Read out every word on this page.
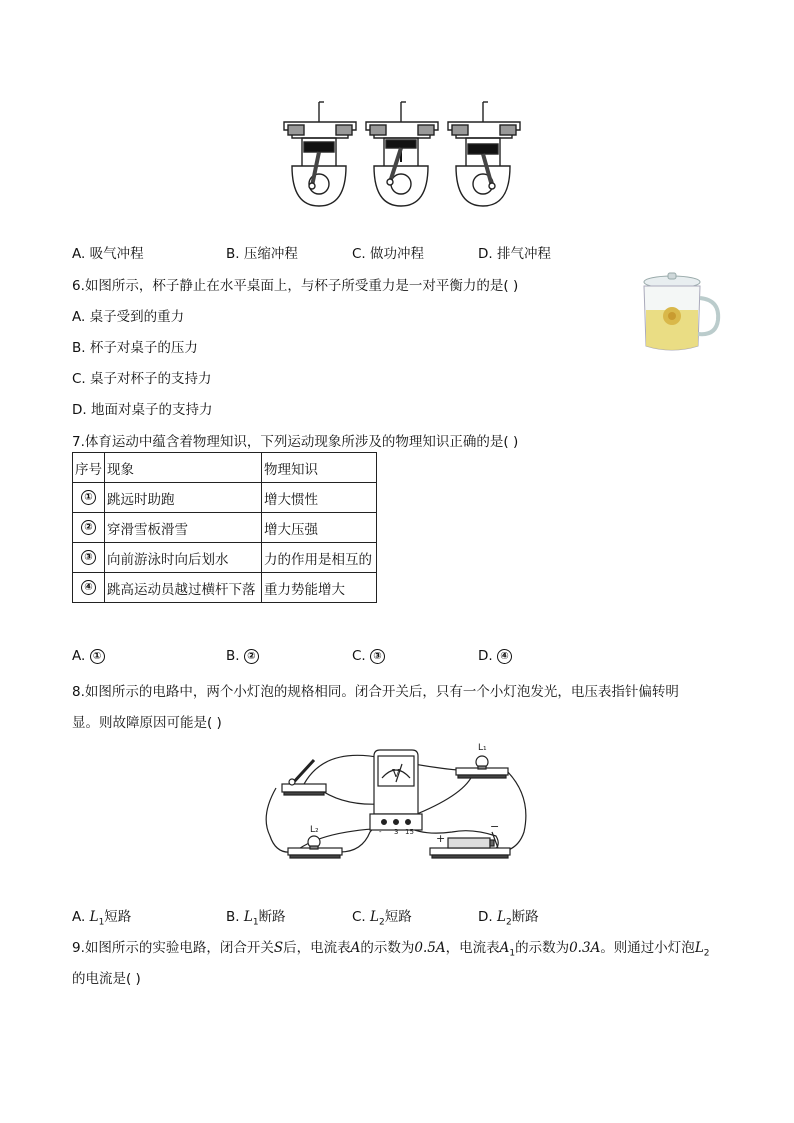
A. 吸气冲程	B. 压缩冲程	C. 做功冲程	D. 排气冲程
6.如图所示，杯子静止在水平桌面上，与杯子所受重力是一对平衡力的是( )
A. 桌子受到的重力
B. 杯子对桌子的压力
C. 桌子对杯子的支持力
D. 地面对桌子的支持力
7.体育运动中蕴含着物理知识，下列运动现象所涉及的物理知识正确的是( )
序号	现象	物理知识
①	跳远时助跑	增大惯性
②	穿滑雪板滑雪	增大压强
③	向前游泳时向后划水	力的作用是相互的
④	跳高运动员越过横杆下落	重力势能增大
A. ①	B. ②	C. ③	D. ④
8.如图所示的电路中，两个小灯泡的规格相同。闭合开关后，只有一个小灯泡发光，电压表指针偏转明
显。则故障原因可能是( )
V
- 3 15
L₁
L₂
+
−
A. $L_1$短路	B. $L_1$断路	C. $L_2$短路	D. $L_2$断路
9.如图所示的实验电路，闭合开关S后，电流表A的示数为0.5A，电流表$A_1$的示数为0.3A。则通过小灯泡$L_2$
的电流是( )
